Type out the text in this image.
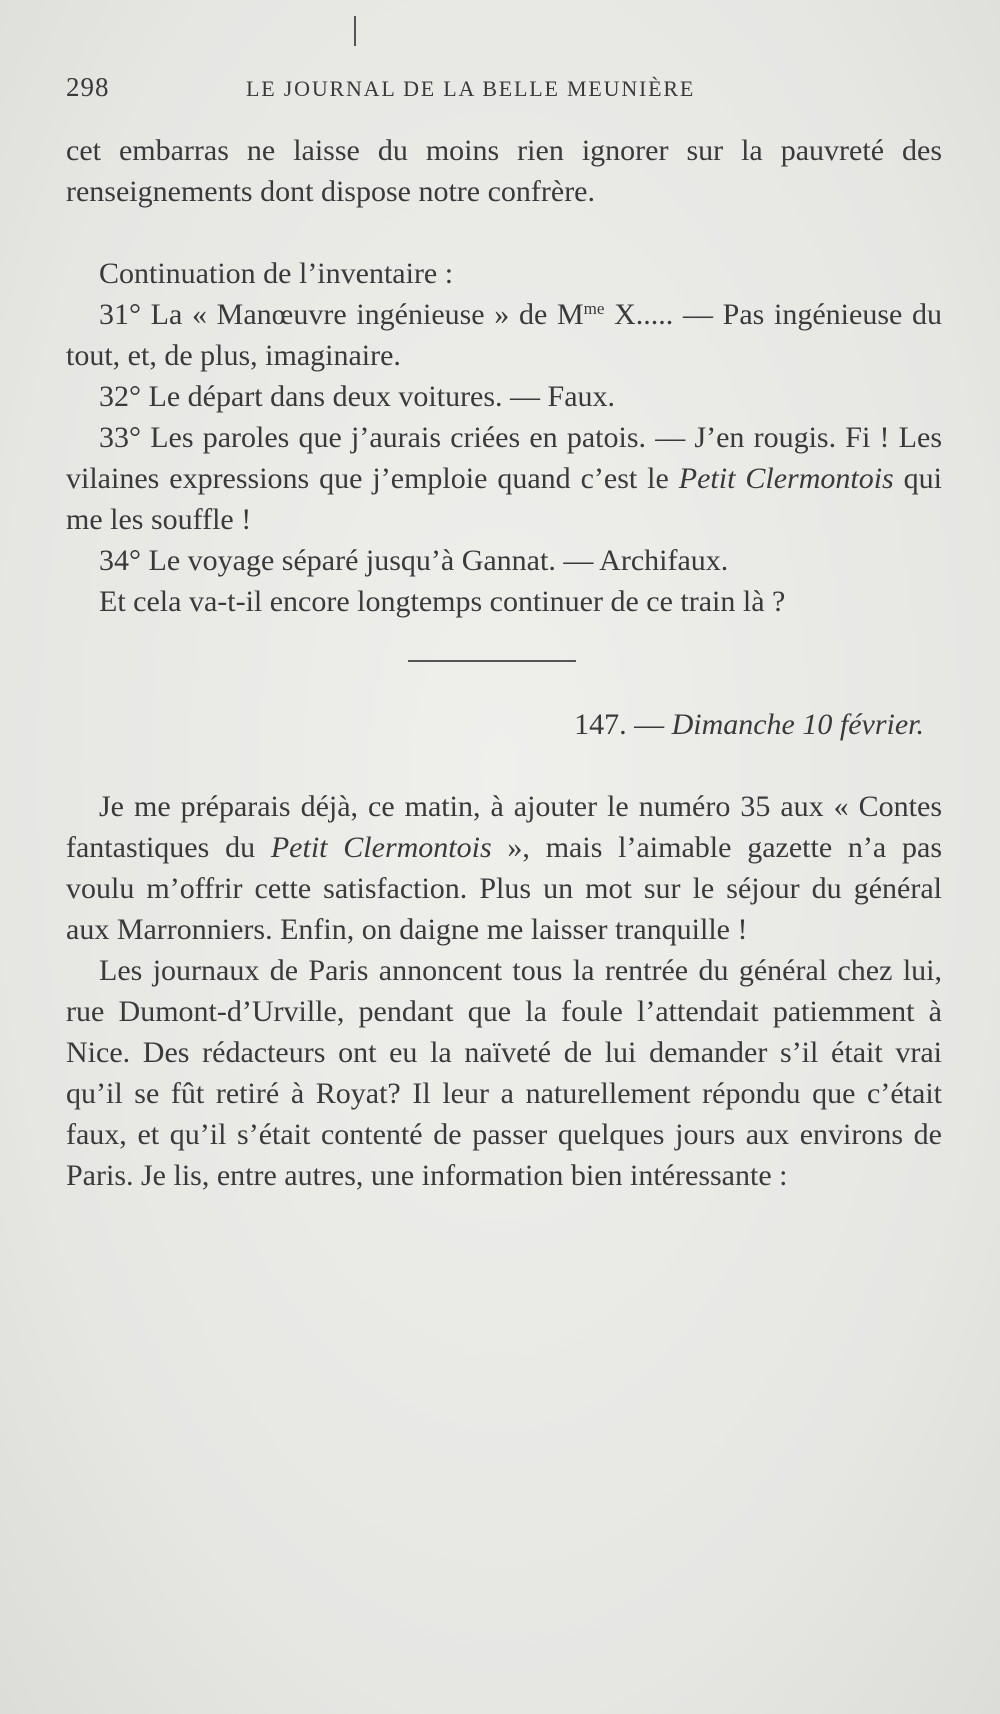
298	LE JOURNAL DE LA BELLE MEUNIÈRE

cet embarras ne laisse du moins rien ignorer sur la pauvreté des renseignements dont dispose notre confrère.

Continuation de l’inventaire :

31° La « Manœuvre ingénieuse » de $M^{me}$ X..... — Pas ingénieuse du tout, et, de plus, imaginaire.

32° Le départ dans deux voitures. — Faux.

33° Les paroles que j’aurais criées en patois. — J’en rougis. Fi ! Les vilaines expressions que j’emploie quand c’est le Petit Clermontois qui me les souffle !

34° Le voyage séparé jusqu’à Gannat. — Archifaux.

Et cela va-t-il encore longtemps continuer de ce train là ?

147. — Dimanche 10 février.

Je me préparais déjà, ce matin, à ajouter le numéro 35 aux « Contes fantastiques du Petit Clermontois », mais l’aimable gazette n’a pas voulu m’offrir cette satisfaction. Plus un mot sur le séjour du général aux Marronniers. Enfin, on daigne me laisser tranquille !

Les journaux de Paris annoncent tous la rentrée du général chez lui, rue Dumont-d’Urville, pendant que la foule l’attendait patiemment à Nice. Des rédacteurs ont eu la naïveté de lui demander s’il était vrai qu’il se fût retiré à Royat? Il leur a naturellement répondu que c’était faux, et qu’il s’était contenté de passer quelques jours aux environs de Paris. Je lis, entre autres, une information bien intéressante :
